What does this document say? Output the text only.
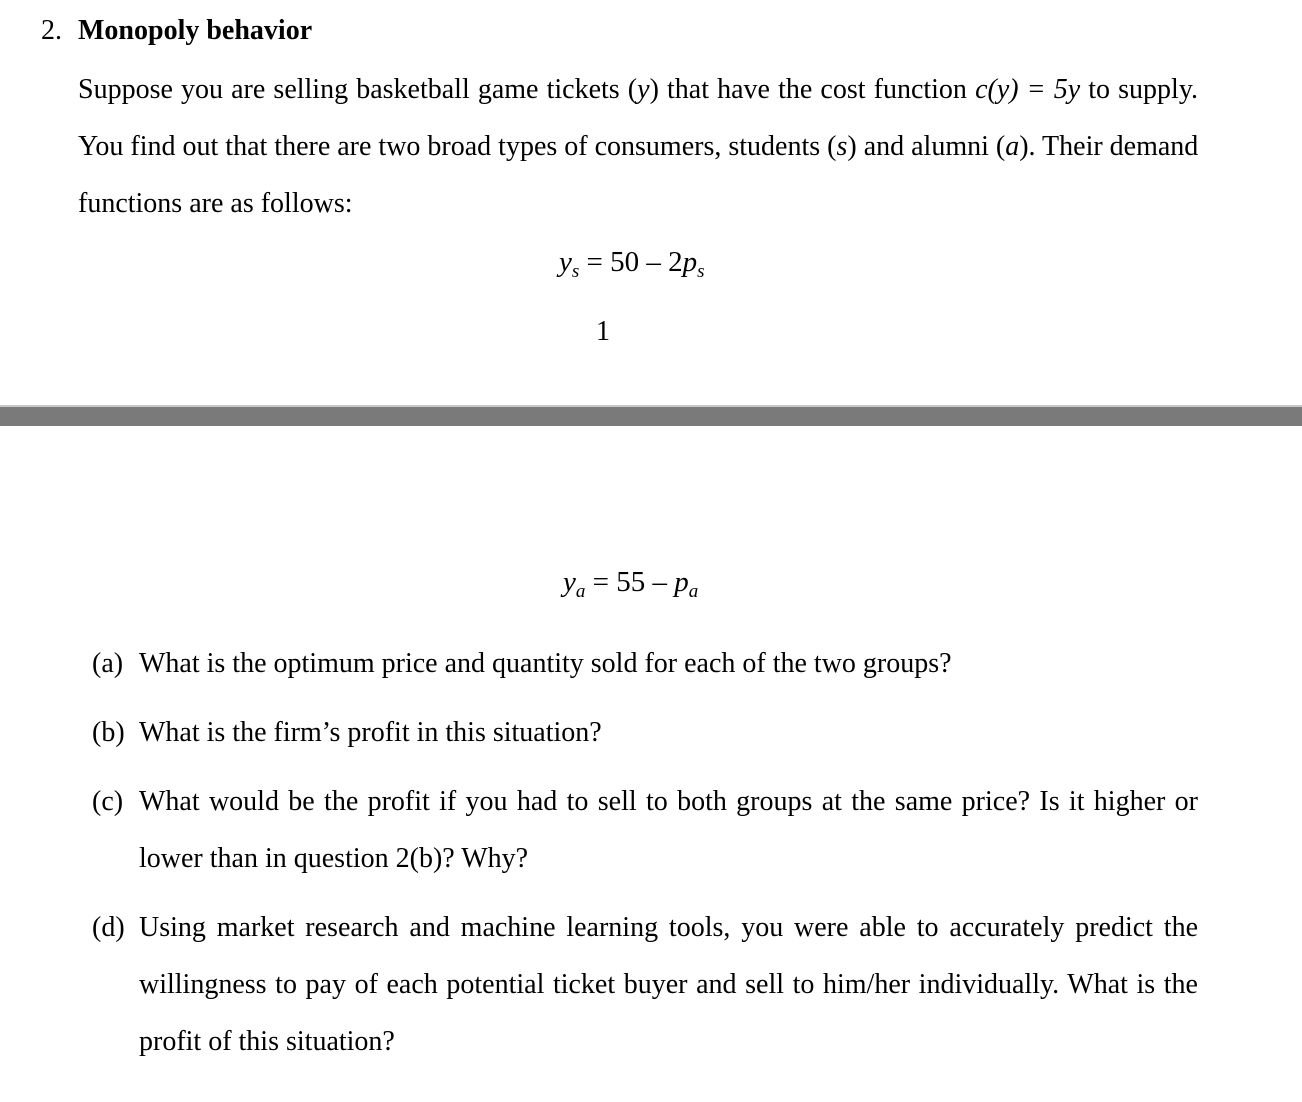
2. Monopoly behavior
Suppose you are selling basketball game tickets (y) that have the cost function c(y) = 5y to supply.
You find out that there are two broad types of consumers, students (s) and alumni (a). Their demand
functions are as follows:
$y_s = 50 - 2p_s$
1
$y_a = 55 - p_a$
(a) What is the optimum price and quantity sold for each of the two groups?
(b) What is the firm’s profit in this situation?
(c) What would be the profit if you had to sell to both groups at the same price? Is it higher or
lower than in question 2(b)? Why?
(d) Using market research and machine learning tools, you were able to accurately predict the
willingness to pay of each potential ticket buyer and sell to him/her individually. What is the
profit of this situation?
